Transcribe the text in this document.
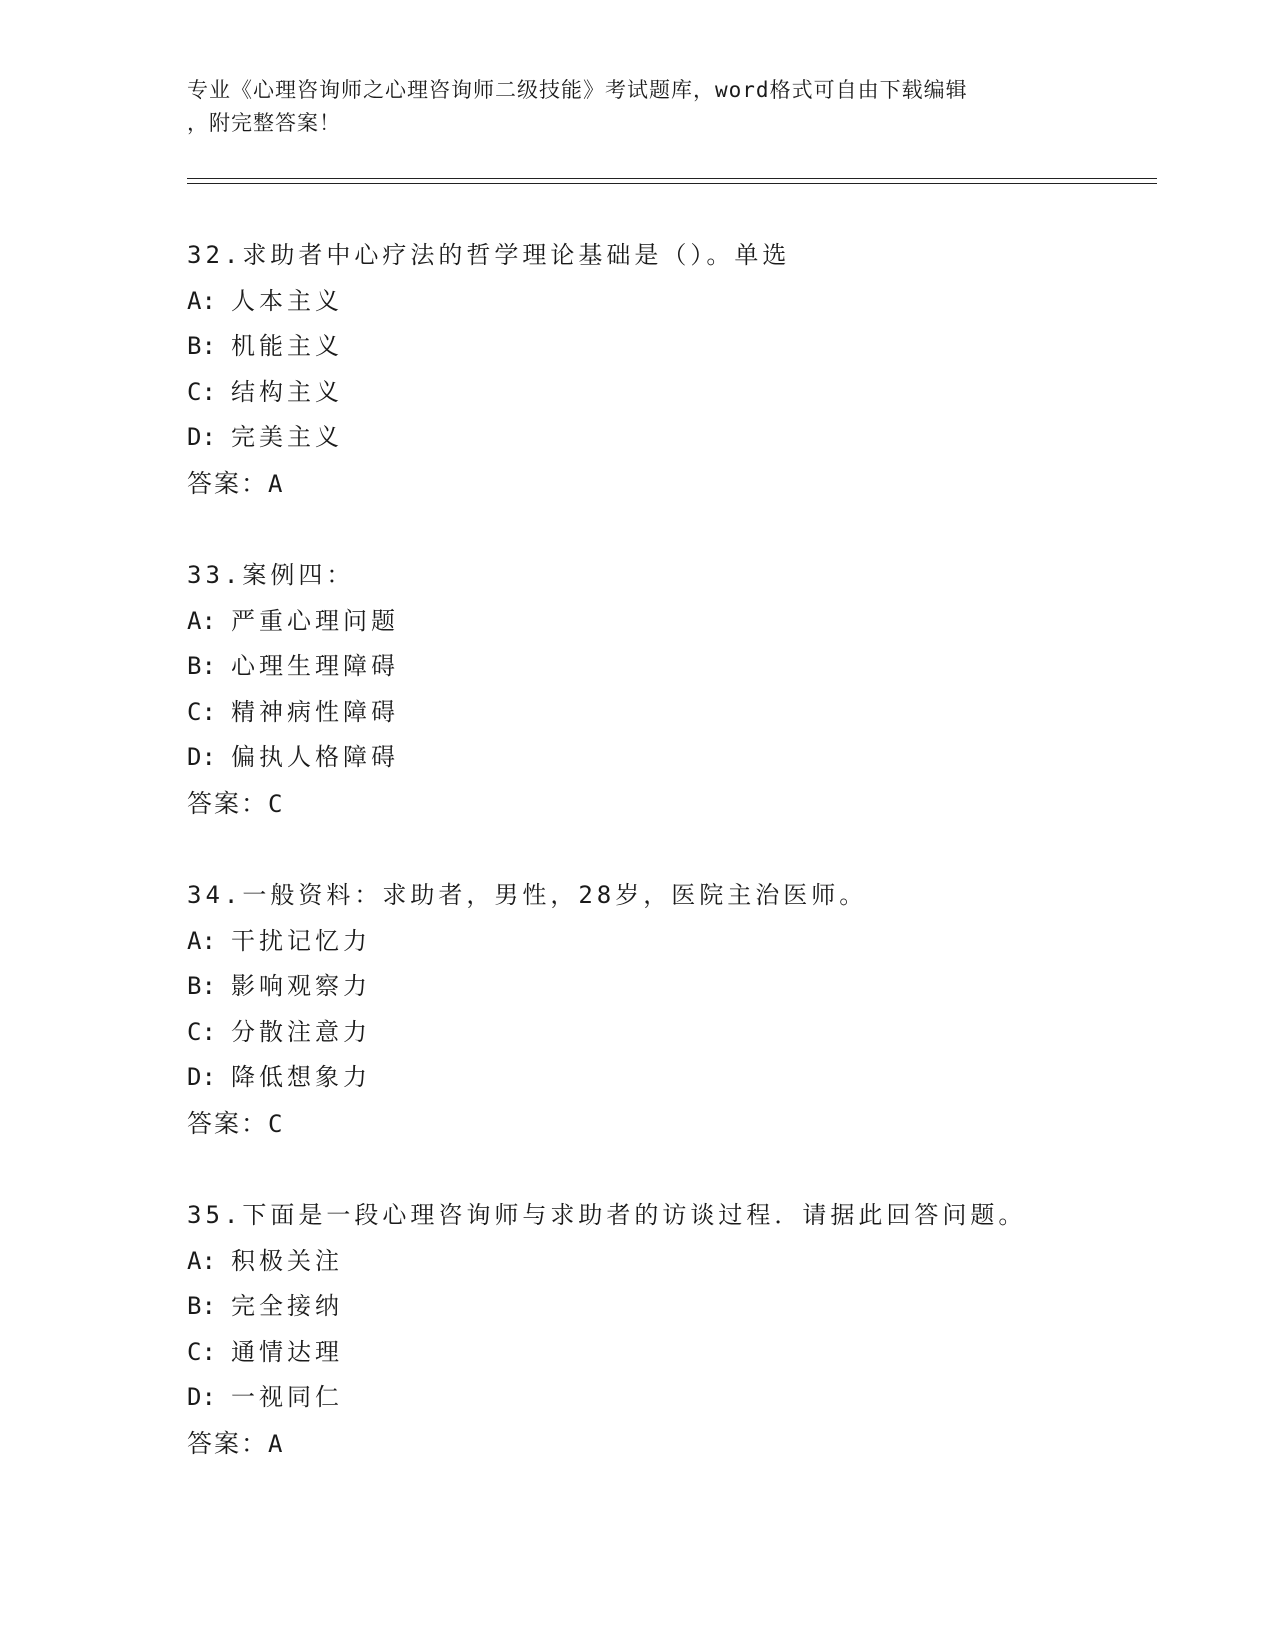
专业《心理咨询师之心理咨询师二级技能》考试题库，word格式可自由下载编辑
，附完整答案！
32.求助者中心疗法的哲学理论基础是（）。单选
A: 人本主义
B: 机能主义
C: 结构主义
D: 完美主义
答案：A
33.案例四：
A: 严重心理问题
B: 心理生理障碍
C: 精神病性障碍
D: 偏执人格障碍
答案：C
34.一般资料：求助者，男性，28岁，医院主治医师。
A: 干扰记忆力
B: 影响观察力
C: 分散注意力
D: 降低想象力
答案：C
35.下面是一段心理咨询师与求助者的访谈过程．请据此回答问题。
A: 积极关注
B: 完全接纳
C: 通情达理
D: 一视同仁
答案：A
